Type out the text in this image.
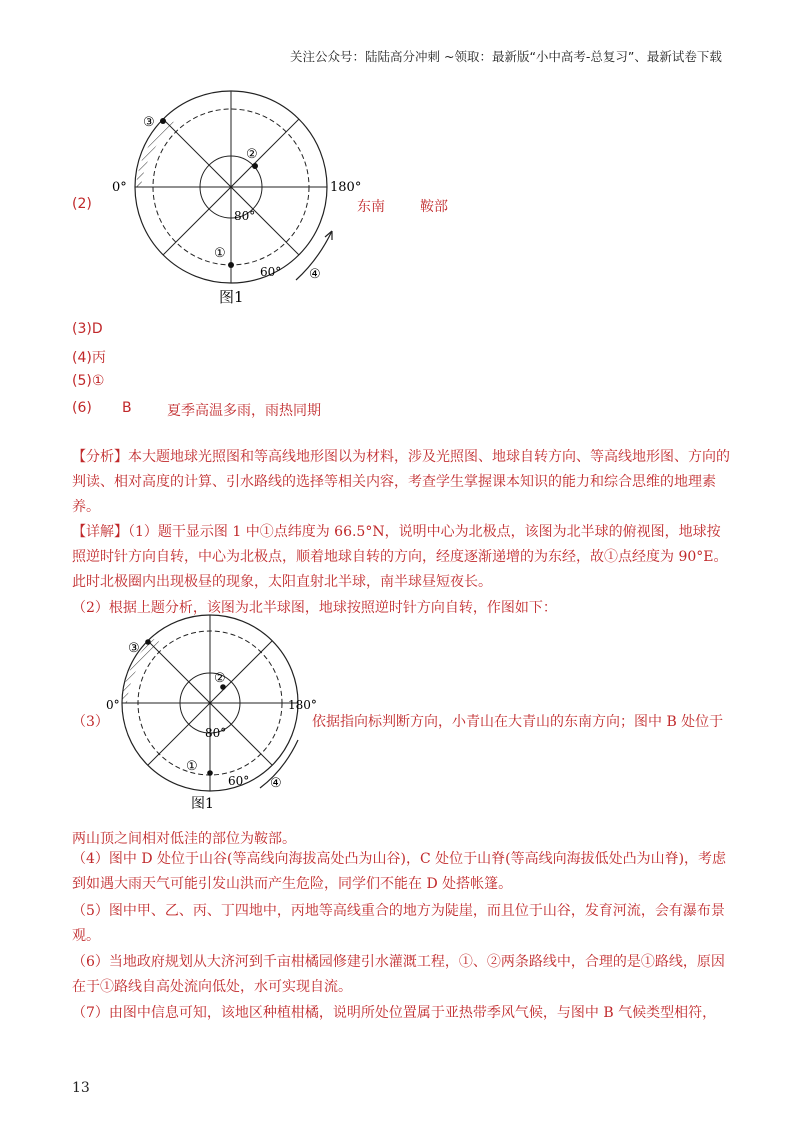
关注公众号：陆陆高分冲刺 ~领取：最新版“小中高考-总复习”、最新试卷下载
(2)
③
②
①
0°	180°
80°
60° ④
图1
东南	鞍部
(3)D
(4)丙
(5)①
(6) B	夏季高温多雨，雨热同期
【分析】本大题地球光照图和等高线地形图以为材料，涉及光照图、地球自转方向、等高线地形图、方向的判读、相对高度的计算、引水路线的选择等相关内容，考查学生掌握课本知识的能力和综合思维的地理素养。
【详解】（1）题干显示图 1 中①点纬度为 66.5°N，说明中心为北极点，该图为北半球的俯视图，地球按照逆时针方向自转，中心为北极点，顺着地球自转的方向，经度逐渐递增的为东经，故①点经度为 90°E。此时北极圈内出现极昼的现象，太阳直射北半球，南半球昼短夜长。
（2）根据上题分析，该图为北半球图，地球按照逆时针方向自转，作图如下：
（3）
③
②
①
0°	180°
80°
60° ④
图1
依据指向标判断方向，小青山在大青山的东南方向；图中 B 处位于
两山顶之间相对低洼的部位为鞍部。
（4）图中 D 处位于山谷(等高线向海拔高处凸为山谷)，C 处位于山脊(等高线向海拔低处凸为山脊)，考虑到如遇大雨天气可能引发山洪而产生危险，同学们不能在 D 处搭帐篷。
（5）图中甲、乙、丙、丁四地中，丙地等高线重合的地方为陡崖，而且位于山谷，发育河流，会有瀑布景观。
（6）当地政府规划从大济河到千亩柑橘园修建引水灌溉工程，①、②两条路线中，合理的是①路线，原因在于①路线自高处流向低处，水可实现自流。
（7）由图中信息可知，该地区种植柑橘，说明所处位置属于亚热带季风气候，与图中 B 气候类型相符，
13
